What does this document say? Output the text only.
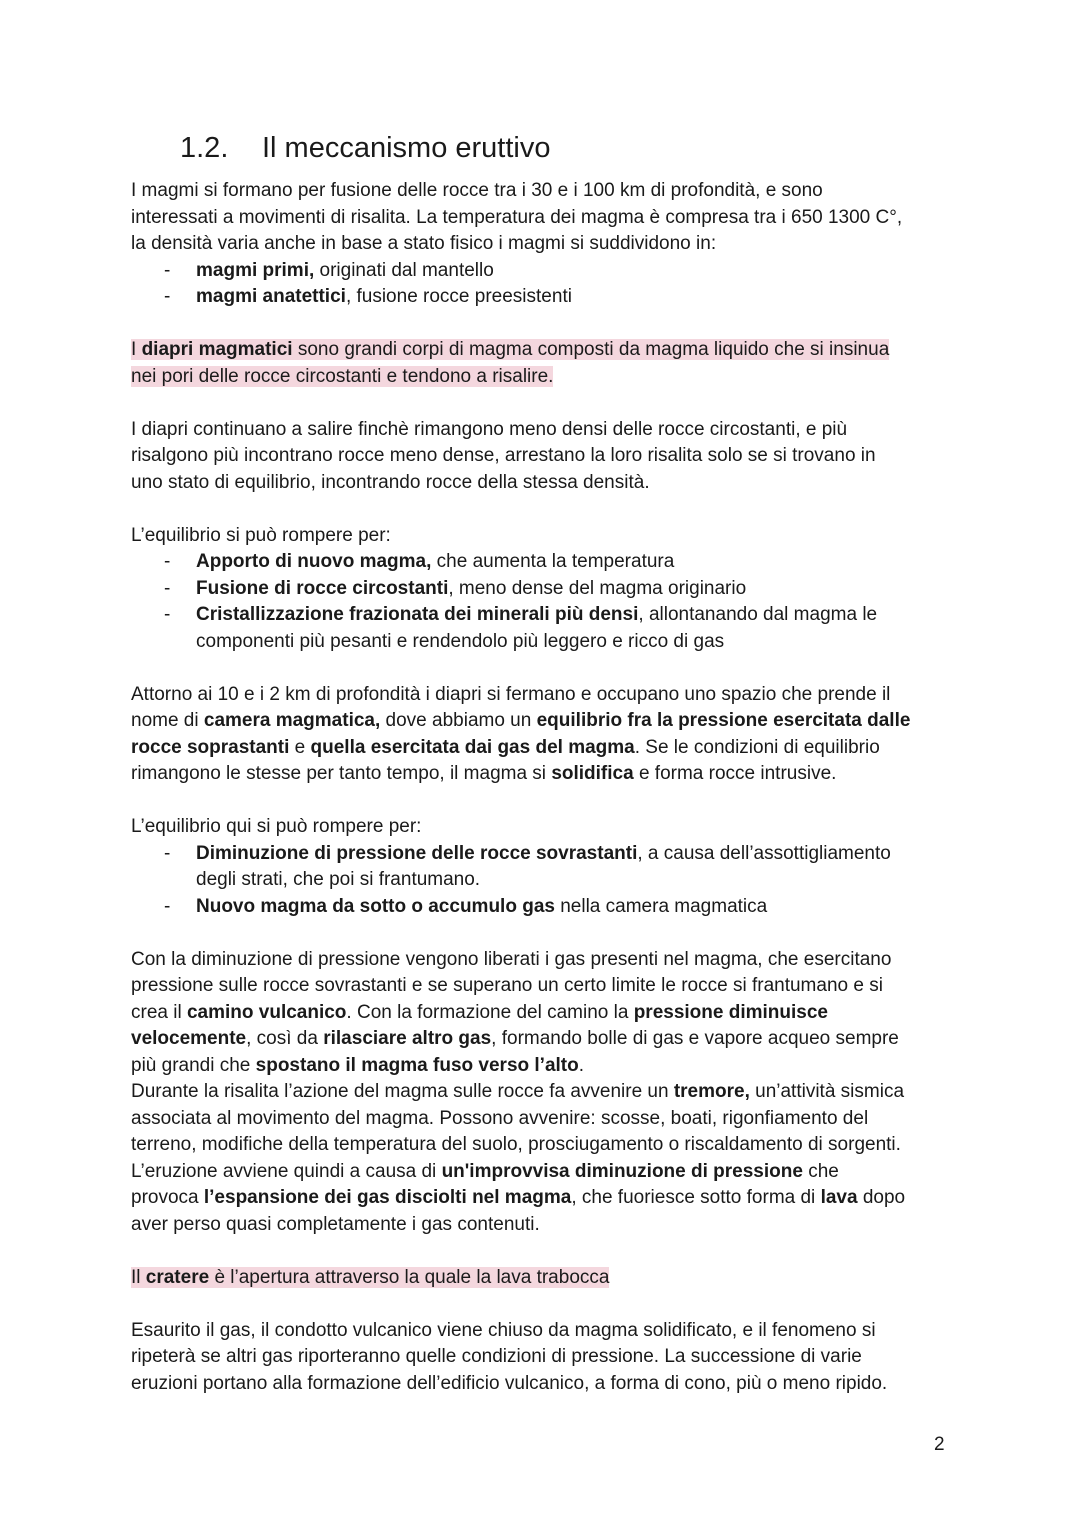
1.2. Il meccanismo eruttivo

I magmi si formano per fusione delle rocce tra i 30 e i 100 km di profondità, e sono

interessati a movimenti di risalita. La temperatura dei magma è compresa tra i 650 1300 C°,

la densità varia anche in base a stato fisico i magmi si suddividono in:

- magmi primi, originati dal mantello
- magmi anatettici, fusione rocce preesistenti

I diapri magmatici sono grandi corpi di magma composti da magma liquido che si insinua

nei pori delle rocce circostanti e tendono a risalire.

I diapri continuano a salire finchè rimangono meno densi delle rocce circostanti, e più

risalgono più incontrano rocce meno dense, arrestano la loro risalita solo se si trovano in

uno stato di equilibrio, incontrando rocce della stessa densità.

L’equilibrio si può rompere per:

- Apporto di nuovo magma, che aumenta la temperatura
- Fusione di rocce circostanti, meno dense del magma originario
- Cristallizzazione frazionata dei minerali più densi, allontanando dal magma le
componenti più pesanti e rendendolo più leggero e ricco di gas

Attorno ai 10 e i 2 km di profondità i diapri si fermano e occupano uno spazio che prende il

nome di camera magmatica, dove abbiamo un equilibrio fra la pressione esercitata dalle

rocce soprastanti e quella esercitata dai gas del magma. Se le condizioni di equilibrio

rimangono le stesse per tanto tempo, il magma si solidifica e forma rocce intrusive.

L’equilibrio qui si può rompere per:

- Diminuzione di pressione delle rocce sovrastanti, a causa dell’assottigliamento
degli strati, che poi si frantumano.
- Nuovo magma da sotto o accumulo gas nella camera magmatica

Con la diminuzione di pressione vengono liberati i gas presenti nel magma, che esercitano

pressione sulle rocce sovrastanti e se superano un certo limite le rocce si frantumano e si

crea il camino vulcanico. Con la formazione del camino la pressione diminuisce

velocemente, così da rilasciare altro gas, formando bolle di gas e vapore acqueo sempre

più grandi che spostano il magma fuso verso l’alto.

Durante la risalita l’azione del magma sulle rocce fa avvenire un tremore, un’attività sismica

associata al movimento del magma. Possono avvenire: scosse, boati, rigonfiamento del

terreno, modifiche della temperatura del suolo, prosciugamento o riscaldamento di sorgenti.

L’eruzione avviene quindi a causa di un'improvvisa diminuzione di pressione che

provoca l’espansione dei gas disciolti nel magma, che fuoriesce sotto forma di lava dopo

aver perso quasi completamente i gas contenuti.

Il cratere è l’apertura attraverso la quale la lava trabocca

Esaurito il gas, il condotto vulcanico viene chiuso da magma solidificato, e il fenomeno si

ripeterà se altri gas riporteranno quelle condizioni di pressione. La successione di varie

eruzioni portano alla formazione dell’edificio vulcanico, a forma di cono, più o meno ripido.

2
